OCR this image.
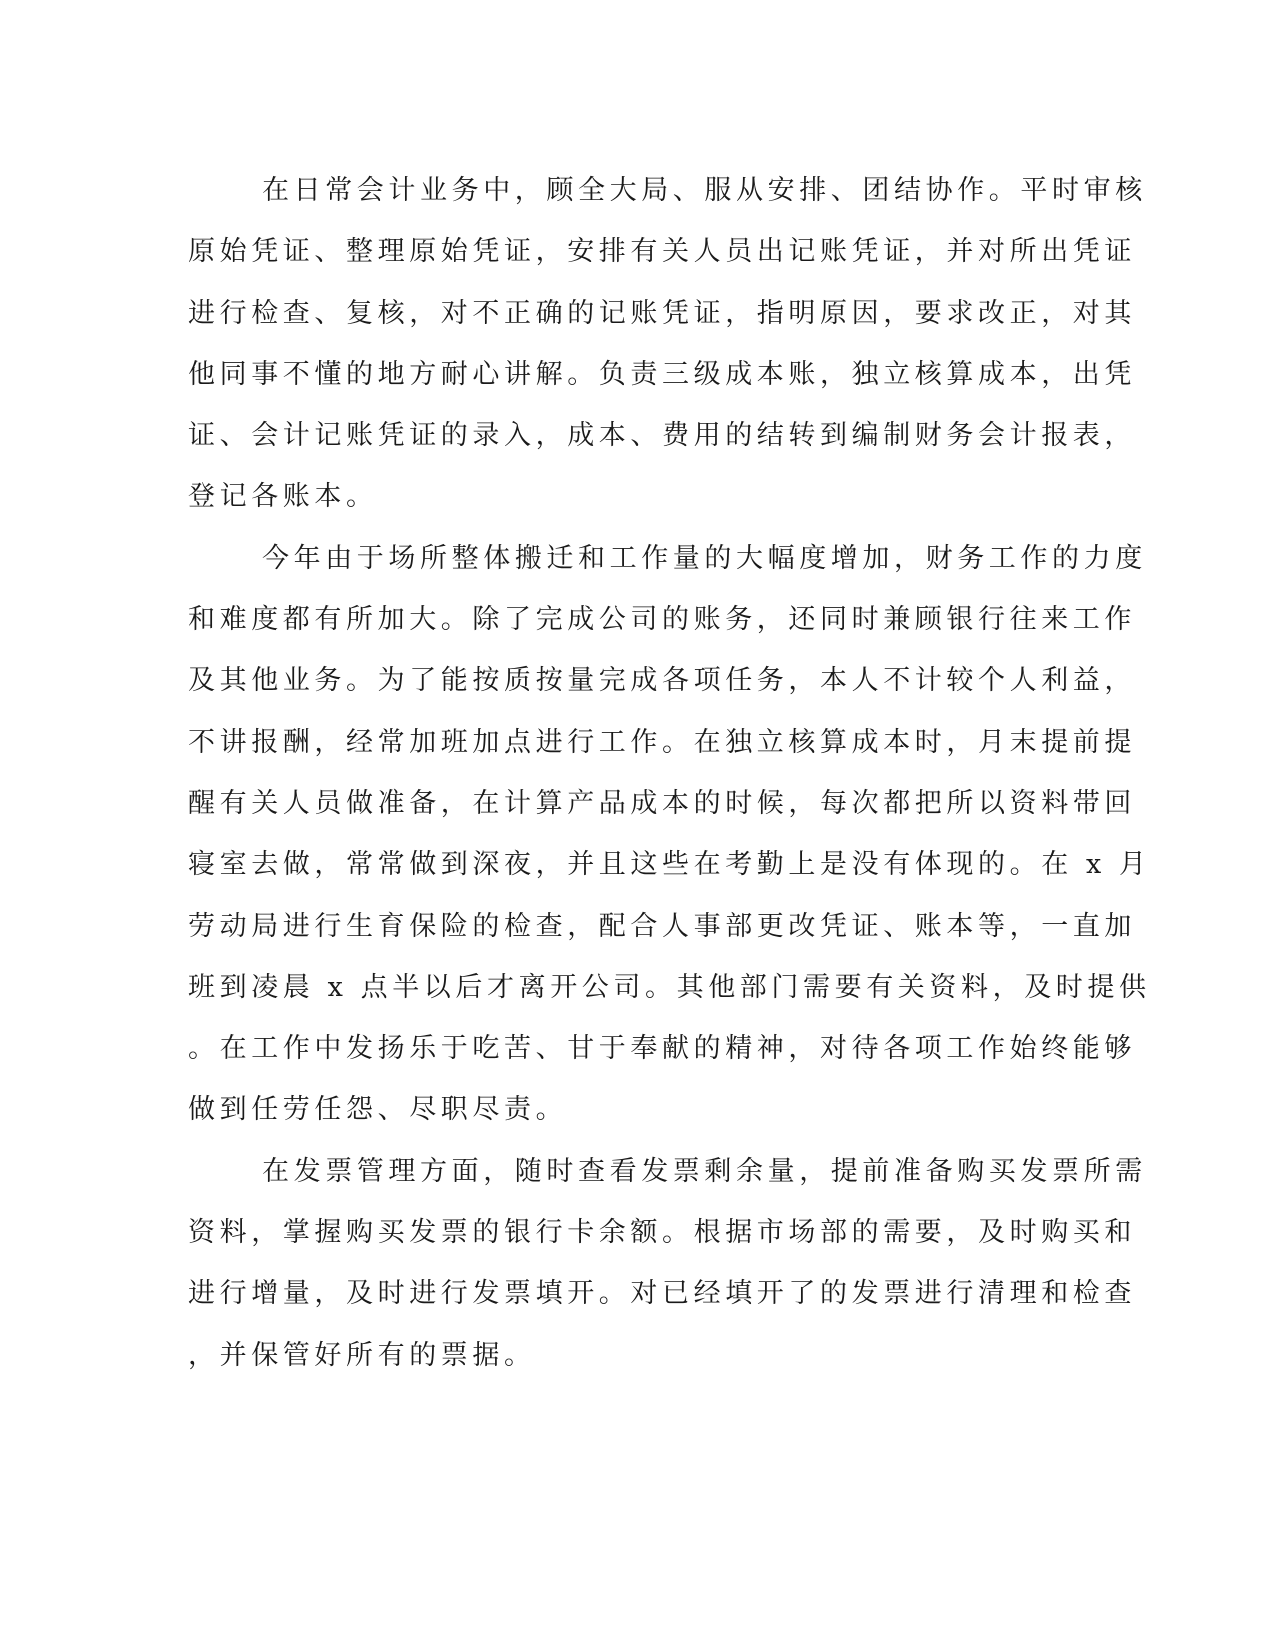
在日常会计业务中，顾全大局、服从安排、团结协作。平时审核
原始凭证、整理原始凭证，安排有关人员出记账凭证，并对所出凭证
进行检查、复核，对不正确的记账凭证，指明原因，要求改正，对其
他同事不懂的地方耐心讲解。负责三级成本账，独立核算成本，出凭
证、会计记账凭证的录入，成本、费用的结转到编制财务会计报表，
登记各账本。
今年由于场所整体搬迁和工作量的大幅度增加，财务工作的力度
和难度都有所加大。除了完成公司的账务，还同时兼顾银行往来工作
及其他业务。为了能按质按量完成各项任务，本人不计较个人利益，
不讲报酬，经常加班加点进行工作。在独立核算成本时，月末提前提
醒有关人员做准备，在计算产品成本的时候，每次都把所以资料带回
寝室去做，常常做到深夜，并且这些在考勤上是没有体现的。在 x 月
劳动局进行生育保险的检查，配合人事部更改凭证、账本等，一直加
班到凌晨 x 点半以后才离开公司。其他部门需要有关资料，及时提供
。在工作中发扬乐于吃苦、甘于奉献的精神，对待各项工作始终能够
做到任劳任怨、尽职尽责。
在发票管理方面，随时查看发票剩余量，提前准备购买发票所需
资料，掌握购买发票的银行卡余额。根据市场部的需要，及时购买和
进行增量，及时进行发票填开。对已经填开了的发票进行清理和检查
，并保管好所有的票据。
